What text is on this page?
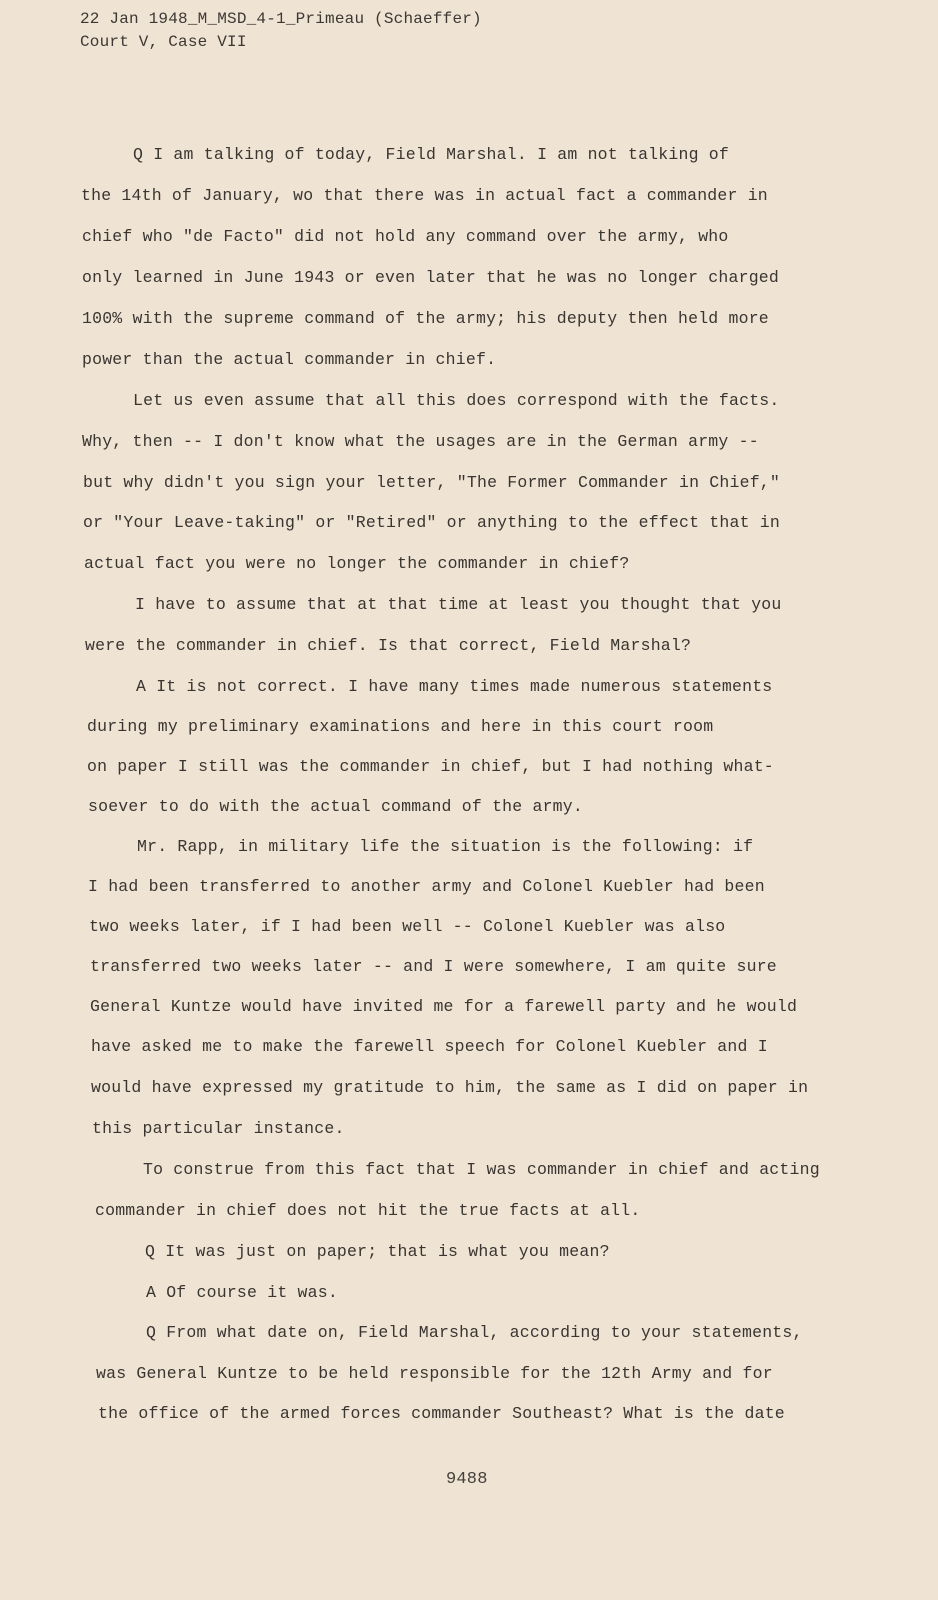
22 Jan 1948_M_MSD_4-1_Primeau (Schaeffer)
Court V, Case VII
Q I am talking of today, Field Marshal. I am not talking of
the 14th of January, wo that there was in actual fact a commander in
chief who "de Facto" did not hold any command over the army, who
only learned in June 1943 or even later that he was no longer charged
100% with the supreme command of the army; his deputy then held more
power than the actual commander in chief.
Let us even assume that all this does correspond with the facts.
Why, then -- I don't know what the usages are in the German army --
but why didn't you sign your letter, "The Former Commander in Chief,"
or "Your Leave-taking" or "Retired" or anything to the effect that in
actual fact you were no longer the commander in chief?
I have to assume that at that time at least you thought that you
were the commander in chief. Is that correct, Field Marshal?
A It is not correct. I have many times made numerous statements
during my preliminary examinations and here in this court room
on paper I still was the commander in chief, but I had nothing what-
soever to do with the actual command of the army.
Mr. Rapp, in military life the situation is the following: if
I had been transferred to another army and Colonel Kuebler had been
two weeks later, if I had been well -- Colonel Kuebler was also
transferred two weeks later -- and I were somewhere, I am quite sure
General Kuntze would have invited me for a farewell party and he would
have asked me to make the farewell speech for Colonel Kuebler and I
would have expressed my gratitude to him, the same as I did on paper in
this particular instance.
To construe from this fact that I was commander in chief and acting
commander in chief does not hit the true facts at all.
Q It was just on paper; that is what you mean?
A Of course it was.
Q From what date on, Field Marshal, according to your statements,
was General Kuntze to be held responsible for the 12th Army and for
the office of the armed forces commander Southeast? What is the date
9488
